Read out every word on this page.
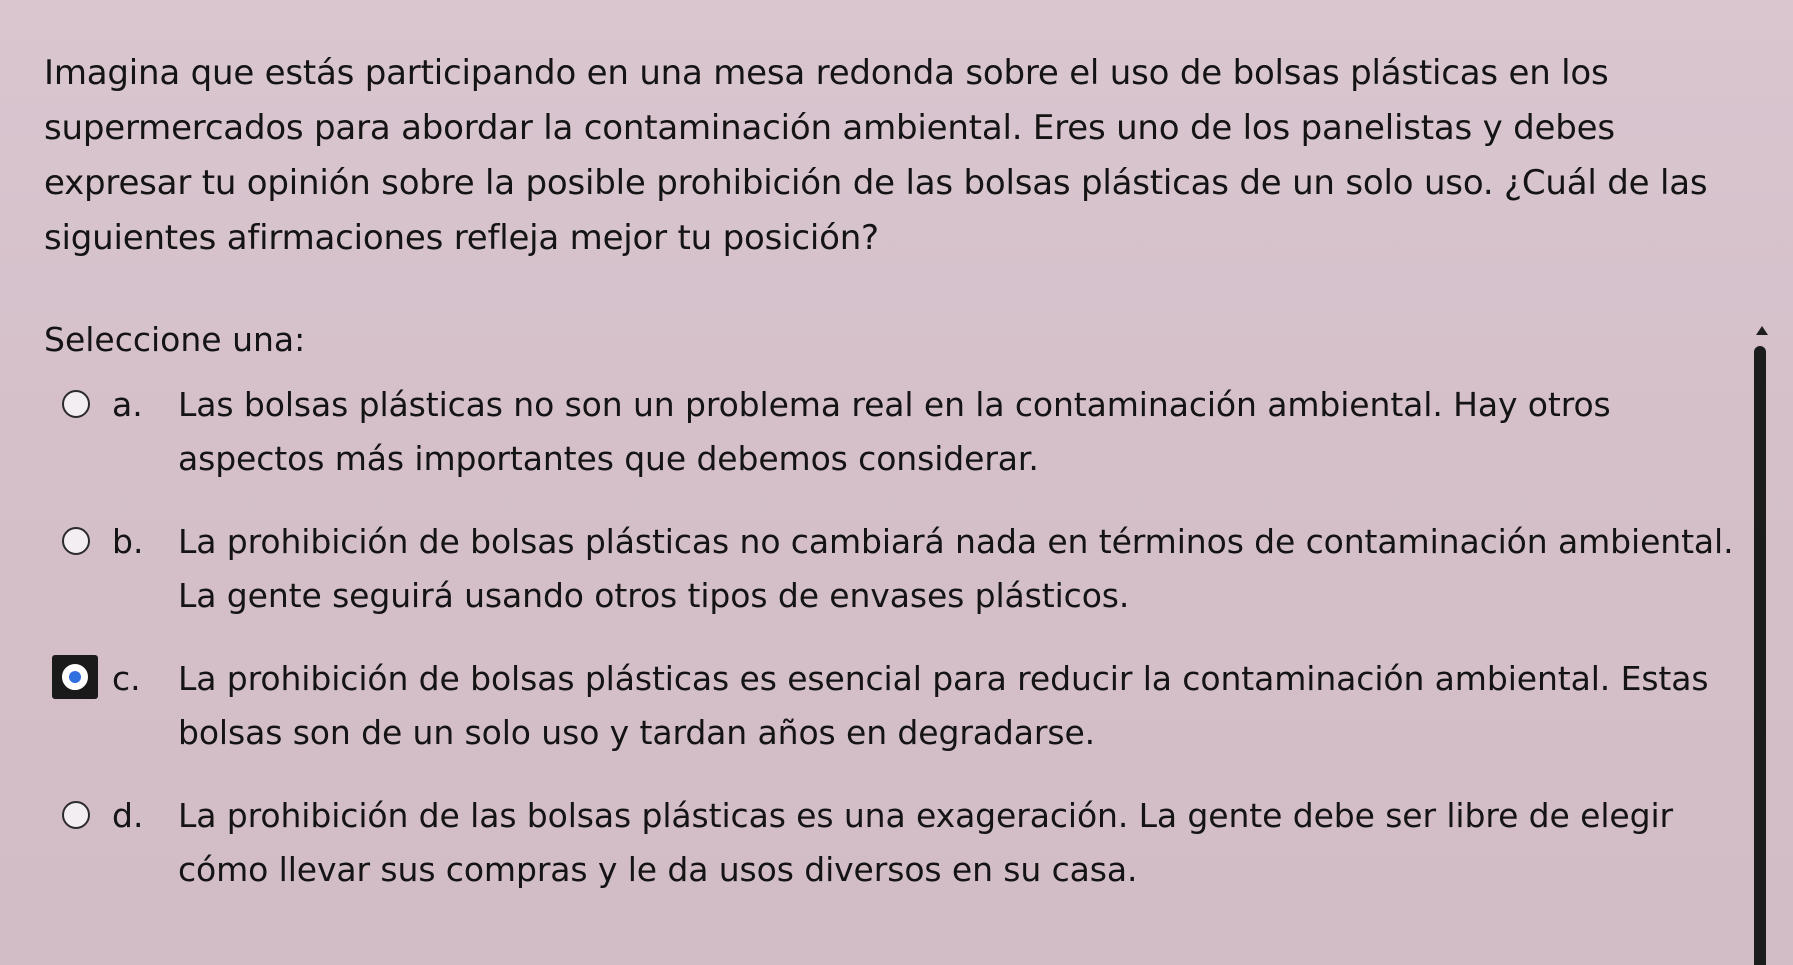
Imagina que estás participando en una mesa redonda sobre el uso de bolsas plásticas en los supermercados para abordar la contaminación ambiental. Eres uno de los panelistas y debes expresar tu opinión sobre la posible prohibición de las bolsas plásticas de un solo uso. ¿Cuál de las siguientes afirmaciones refleja mejor tu posición?

Seleccione una:

a. Las bolsas plásticas no son un problema real en la contaminación ambiental. Hay otros aspectos más importantes que debemos considerar.
b. La prohibición de bolsas plásticas no cambiará nada en términos de contaminación ambiental. La gente seguirá usando otros tipos de envases plásticos.
c. La prohibición de bolsas plásticas es esencial para reducir la contaminación ambiental. Estas bolsas son de un solo uso y tardan años en degradarse.
d. La prohibición de las bolsas plásticas es una exageración. La gente debe ser libre de elegir cómo llevar sus compras y le da usos diversos en su casa.
